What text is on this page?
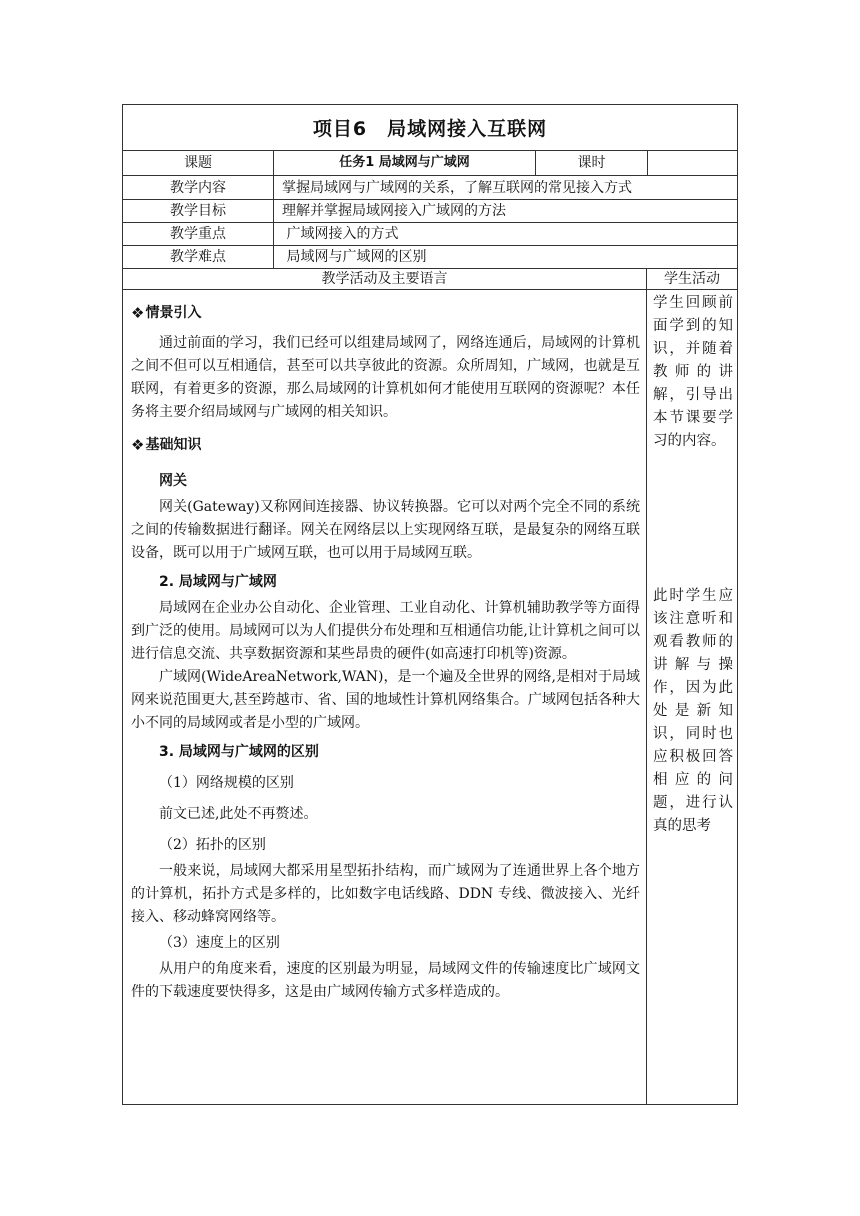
项目6　局域网接入互联网
课题	任务1 局域网与广域网	课时
教学内容	掌握局域网与广域网的关系，了解互联网的常见接入方式
教学目标	理解并掌握局域网接入广域网的方法
教学重点	广域网接入的方式
教学难点	局域网与广域网的区别
教学活动及主要语言	学生活动
❖ 情景引入

通过前面的学习，我们已经可以组建局域网了，网络连通后，局域网的计算机之间不但可以互相通信，甚至可以共享彼此的资源。众所周知，广域网，也就是互联网，有着更多的资源，那么局域网的计算机如何才能使用互联网的资源呢？本任务将主要介绍局域网与广域网的相关知识。

❖ 基础知识

网关

网关(Gateway)又称网间连接器、协议转换器。它可以对两个完全不同的系统之间的传输数据进行翻译。网关在网络层以上实现网络互联，是最复杂的网络互联设备，既可以用于广域网互联，也可以用于局域网互联。

2. 局域网与广域网

局域网在企业办公自动化、企业管理、工业自动化、计算机辅助教学等方面得到广泛的使用。局域网可以为人们提供分布处理和互相通信功能,让计算机之间可以进行信息交流、共享数据资源和某些昂贵的硬件(如高速打印机等)资源。

广域网(WideAreaNetwork,WAN)，是一个遍及全世界的网络,是相对于局域网来说范围更大,甚至跨越市、省、国的地域性计算机网络集合。广域网包括各种大小不同的局域网或者是小型的广域网。

3. 局域网与广域网的区别

（1）网络规模的区别

前文已述,此处不再赘述。

（2）拓扑的区别

一般来说，局域网大都采用星型拓扑结构，而广域网为了连通世界上各个地方的计算机，拓扑方式是多样的，比如数字电话线路、DDN 专线、微波接入、光纤接入、移动蜂窝网络等。

（3）速度上的区别

从用户的角度来看，速度的区别最为明显，局域网文件的传输速度比广域网文件的下载速度要快得多，这是由广域网传输方式多样造成的。

学生回顾前面学到的知识，并随着教师的讲解，引导出本节课要学习的内容。

此时学生应该注意听和观看教师的讲解与操作，因为此处是新知识，同时也应积极回答相应的问题，进行认真的思考
